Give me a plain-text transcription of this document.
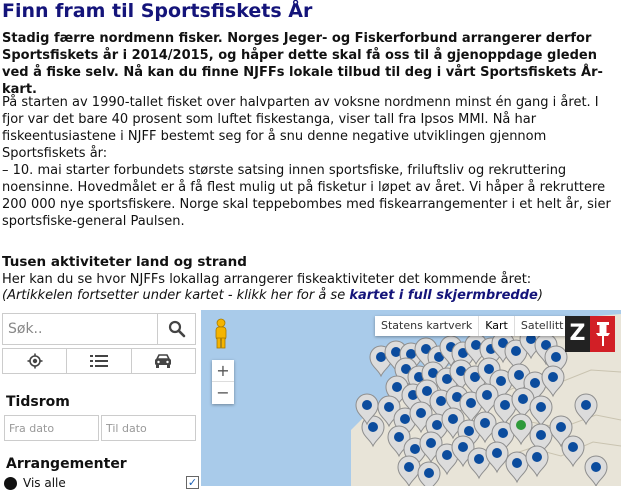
Finn fram til Sportsfiskets År

Stadig færre nordmenn fisker. Norges Jeger- og Fiskerforbund arrangerer derfor Sportsfiskets år i 2014/2015, og håper dette skal få oss til å gjenoppdage gleden ved å fiske selv. Nå kan du finne NJFFs lokale tilbud til deg i vårt Sportsfiskets År-kart.

På starten av 1990-tallet fisket over halvparten av voksne nordmenn minst én gang i året. I fjor var det bare 40 prosent som luftet fiskestanga, viser tall fra Ipsos MMI. Nå har fiskeentusiastene i NJFF bestemt seg for å snu denne negative utviklingen gjennom Sportsfiskets år:

– 10. mai starter forbundets største satsing innen sportsfiske, friluftsliv og rekruttering noensinne. Hovedmålet er å få flest mulig ut på fisketur i løpet av året. Vi håper å rekruttere 200 000 nye sportsfiskere. Norge skal teppebombes med fiskearrangementer i et helt år, sier sportsfiske-general Paulsen.

Tusen aktiviteter land og strand

Her kan du se hvor NJFFs lokallag arrangerer fiskeaktiviteter det kommende året:

(Artikkelen fortsetter under kartet - klikk her for å se kartet i full skjermbredde)

Søk..
Tidsrom
Fra dato
Til dato
Arrangementer
Vis alle	✓
+
−
Statens kartverk	Kart	Satellitt Z
